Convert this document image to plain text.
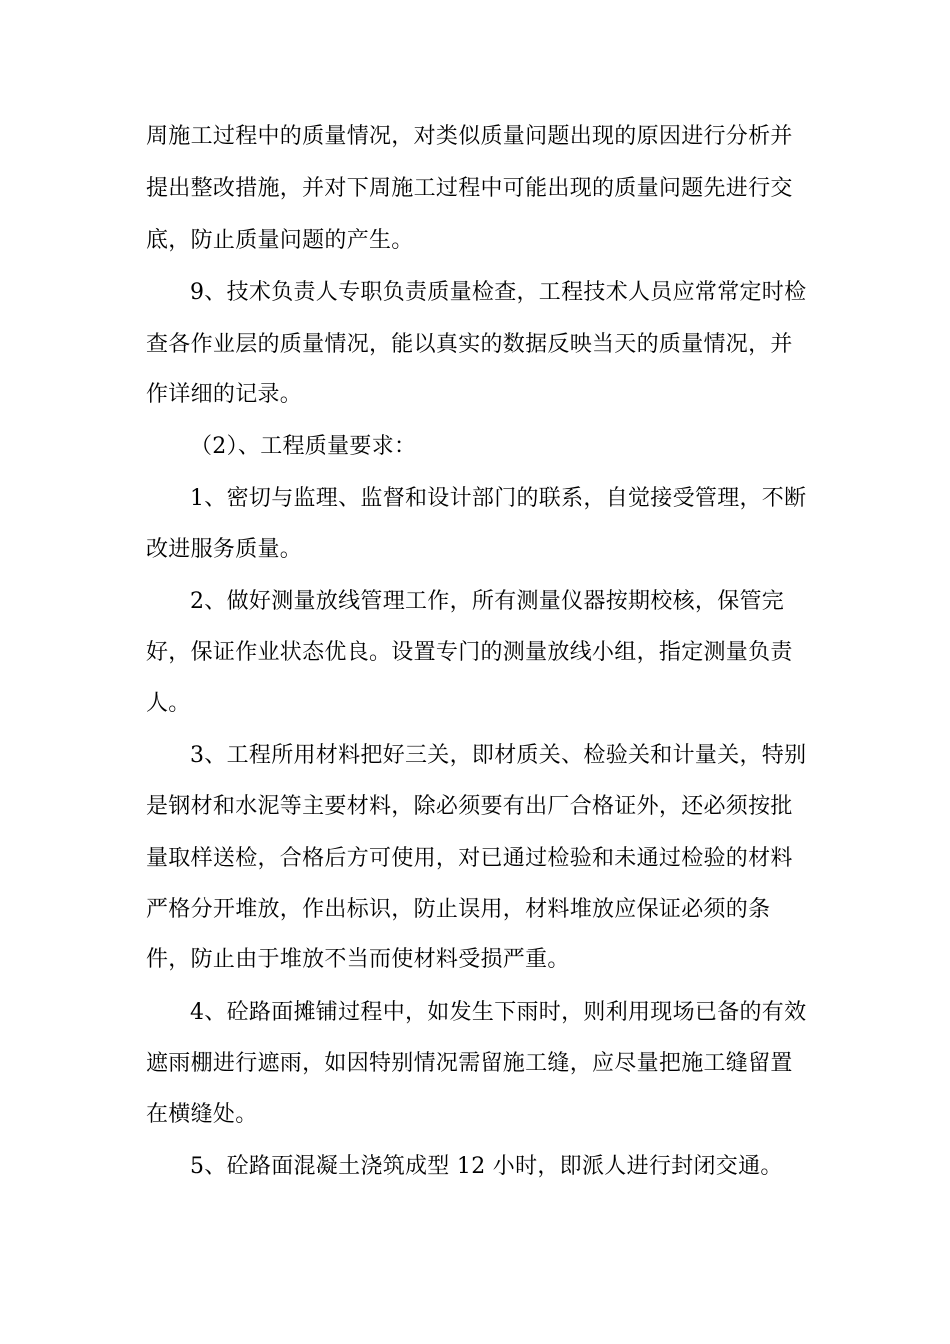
周施工过程中的质量情况，对类似质量问题出现的原因进行分析并
提出整改措施，并对下周施工过程中可能出现的质量问题先进行交
底，防止质量问题的产生。
9、技术负责人专职负责质量检查，工程技术人员应常常定时检
查各作业层的质量情况，能以真实的数据反映当天的质量情况，并
作详细的记录。
（2）、工程质量要求：
1、密切与监理、监督和设计部门的联系，自觉接受管理，不断
改进服务质量。
2、做好测量放线管理工作，所有测量仪器按期校核，保管完
好，保证作业状态优良。设置专门的测量放线小组，指定测量负责
人。
3、工程所用材料把好三关，即材质关、检验关和计量关，特别
是钢材和水泥等主要材料，除必须要有出厂合格证外，还必须按批
量取样送检，合格后方可使用，对已通过检验和未通过检验的材料
严格分开堆放，作出标识，防止误用，材料堆放应保证必须的条
件，防止由于堆放不当而使材料受损严重。
4、砼路面摊铺过程中，如发生下雨时，则利用现场已备的有效
遮雨棚进行遮雨，如因特别情况需留施工缝，应尽量把施工缝留置
在横缝处。
5、砼路面混凝土浇筑成型 12 小时，即派人进行封闭交通。
